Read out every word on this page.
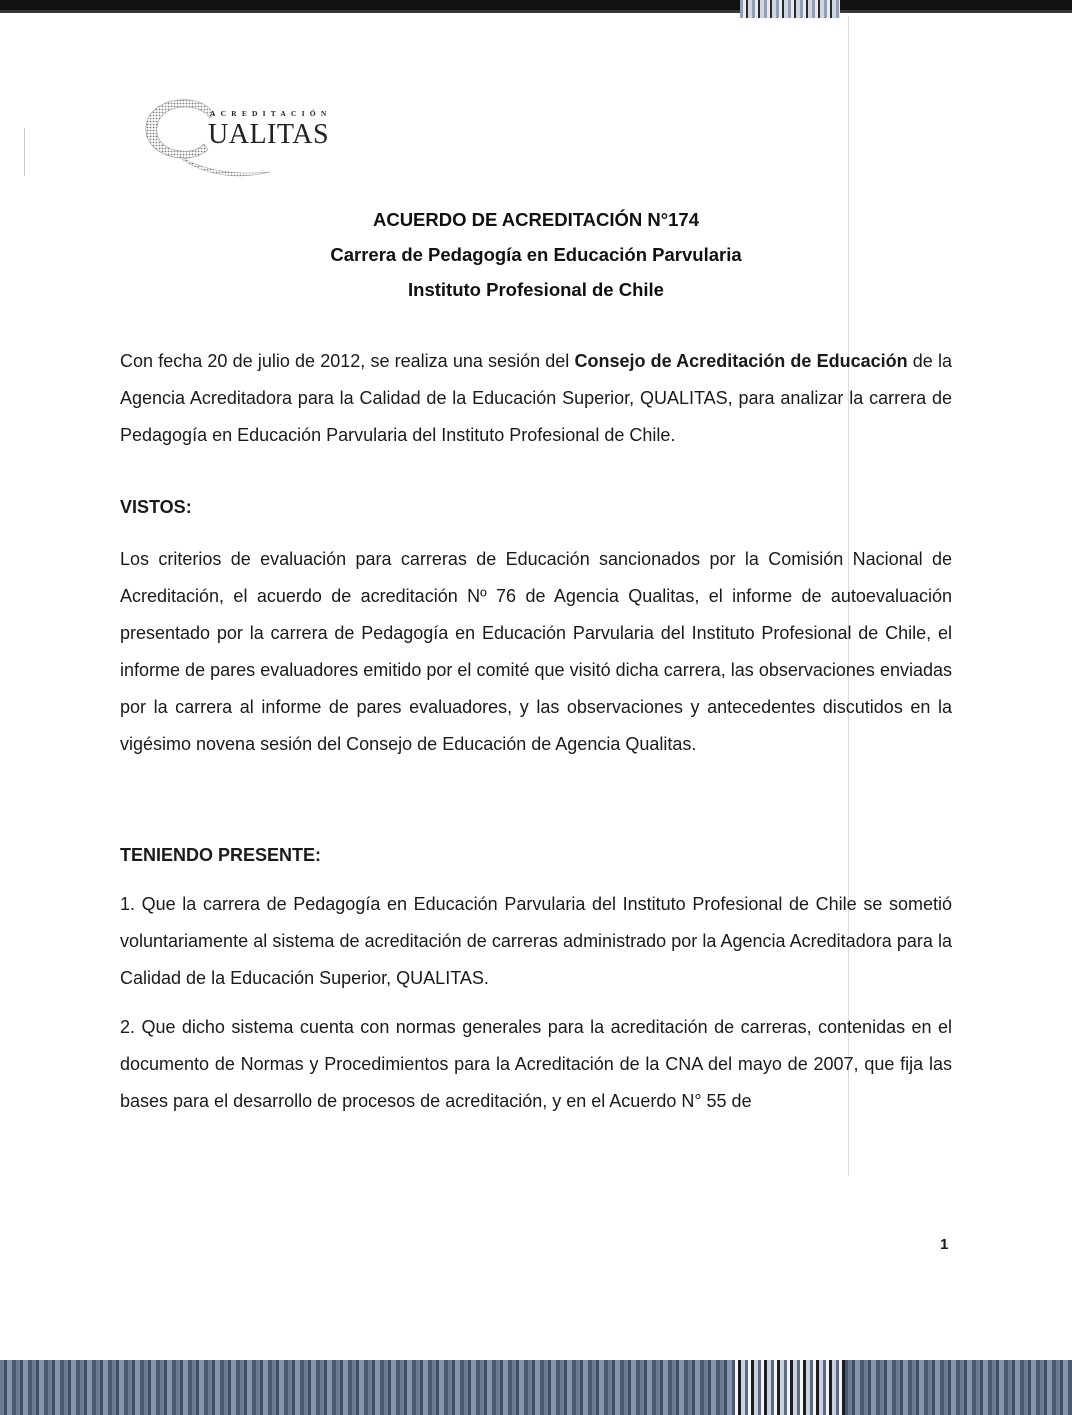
ACREDITACIÓN
UALITAS
ACUERDO DE ACREDITACIÓN N°174
Carrera de Pedagogía en Educación Parvularia
Instituto Profesional de Chile
Con fecha 20 de julio de 2012, se realiza una sesión del Consejo de Acreditación de Educación de la Agencia Acreditadora para la Calidad de la Educación Superior, QUALITAS, para analizar la carrera de Pedagogía en Educación Parvularia del Instituto Profesional de Chile.
VISTOS:
Los criterios de evaluación para carreras de Educación sancionados por la Comisión Nacional de Acreditación, el acuerdo de acreditación Nº 76 de Agencia Qualitas, el informe de autoevaluación presentado por la carrera de Pedagogía en Educación Parvularia del Instituto Profesional de Chile, el informe de pares evaluadores emitido por el comité que visitó dicha carrera, las observaciones enviadas por la carrera al informe de pares evaluadores, y las observaciones y antecedentes discutidos en la vigésimo novena sesión del Consejo de Educación de Agencia Qualitas.
TENIENDO PRESENTE:
1. Que la carrera de Pedagogía en Educación Parvularia del Instituto Profesional de Chile se sometió voluntariamente al sistema de acreditación de carreras administrado por la Agencia Acreditadora para la Calidad de la Educación Superior, QUALITAS.
2. Que dicho sistema cuenta con normas generales para la acreditación de carreras, contenidas en el documento de Normas y Procedimientos para la Acreditación de la CNA del mayo de 2007, que fija las bases para el desarrollo de procesos de acreditación, y en el Acuerdo N° 55 de
1
